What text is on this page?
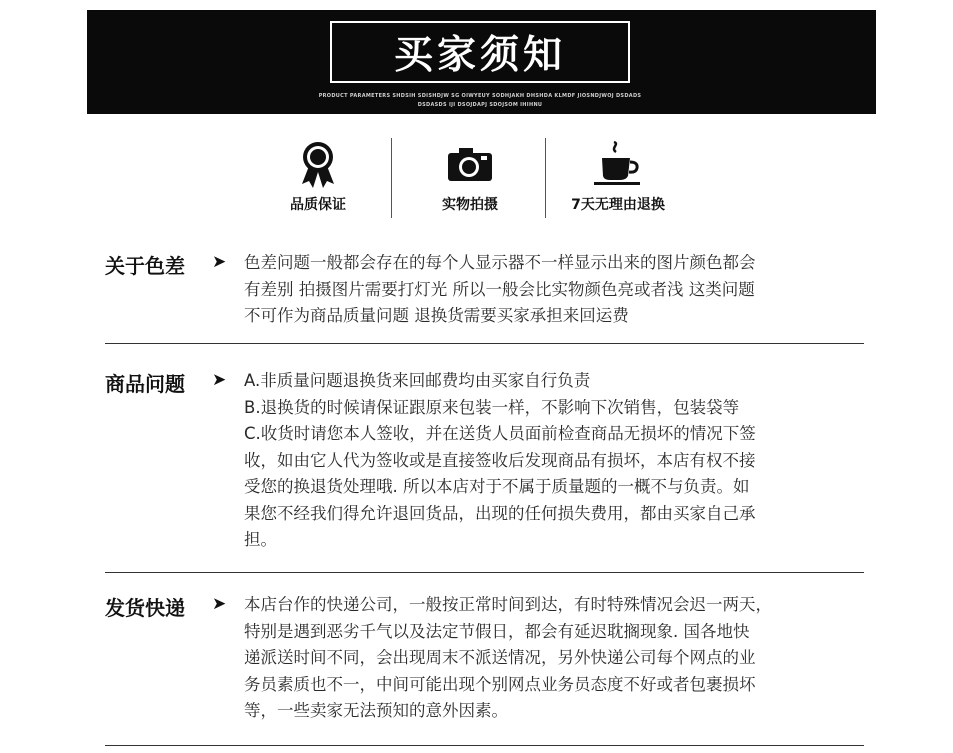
买家须知
PRODUCT PARAMETERS SHDSIH SDISHDJW SG OIWYEUY SODHJAKH DHSHDA KLMDF JIOSNDJWOJ DSDADS
DSDASDS IJI DSOJDAPJ SDOJSOM IHIHNU
品质保证	实物拍摄	7天无理由退换
关于色差 ➤ 色差问题一般都会存在的每个人显示器不一样显示出来的图片颜色都会
有差别 拍摄图片需要打灯光 所以一般会比实物颜色亮或者浅 这类问题
不可作为商品质量问题 退换货需要买家承担来回运费
商品问题 ➤ A.非质量问题退换货来回邮费均由买家自行负责
B.退换货的时候请保证跟原来包装一样，不影响下次销售，包装袋等
C.收货时请您本人签收，并在送货人员面前检查商品无损坏的情况下签
收，如由它人代为签收或是直接签收后发现商品有损坏，本店有权不接
受您的换退货处理哦. 所以本店对于不属于质量题的一概不与负责。如
果您不经我们得允许退回货品，出现的任何损失费用，都由买家自己承
担。
发货快递 ➤ 本店台作的快递公司，一般按正常时间到达，有时特殊情况会迟一两天，
特别是遇到恶劣千气以及法定节假日，都会有延迟耽搁现象. 国各地快
递派送时间不同，会出现周末不派送情况，另外快递公司每个网点的业
务员素质也不一，中间可能出现个别网点业务员态度不好或者包裹损坏
等，一些卖家无法预知的意外因素。
